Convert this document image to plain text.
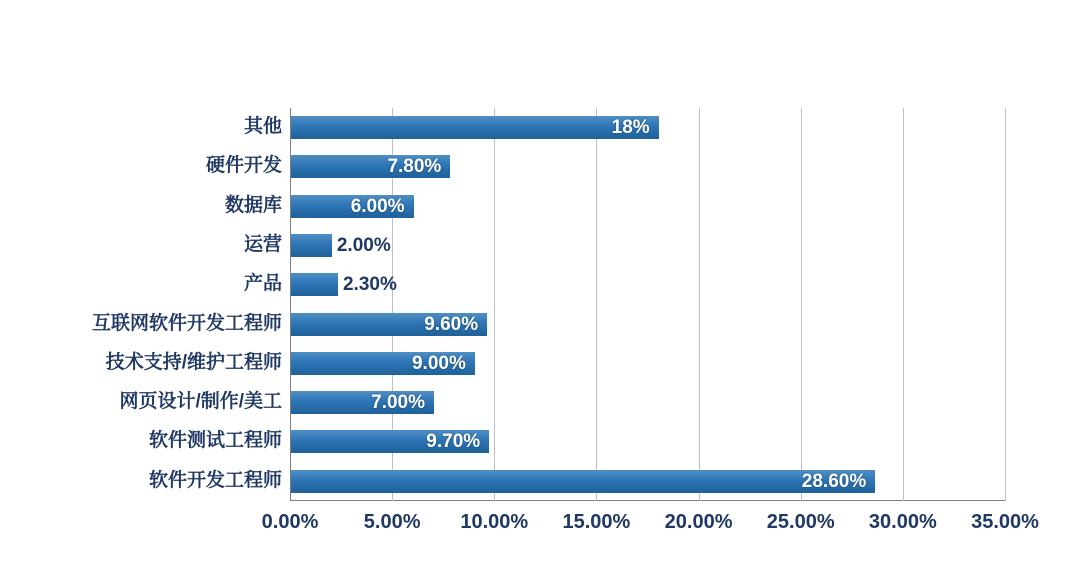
其他
硬件开发
数据库
运营
产品
互联网软件开发工程师
技术支持/维护工程师
网页设计/制作/美工
软件测试工程师
软件开发工程师
18%
7.80%
6.00%
2.00%
2.30%
9.60%
9.00%
7.00%
9.70%
28.60%
0.00% 5.00% 10.00% 15.00% 20.00% 25.00% 30.00% 35.00%
